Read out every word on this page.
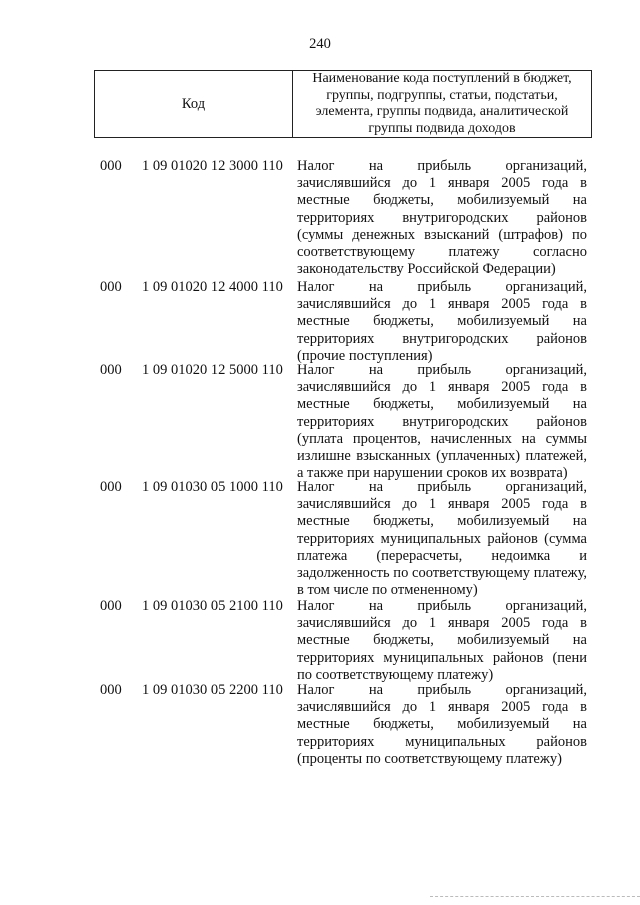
240
Код
Наименование кода поступлений в бюджет, группы, подгруппы, статьи, подстатьи, элемента, группы подвида, аналитической группы подвида доходов
000	1 09 01020 12 3000 110 Налог на прибыль организаций, зачислявшийся до 1 января 2005 года в местные бюджеты, мобилизуемый на территориях внутригородских районов (суммы денежных взысканий (штрафов) по соответствующему платежу согласно законодательству Российской Федерации)
000	1 09 01020 12 4000 110 Налог на прибыль организаций, зачислявшийся до 1 января 2005 года в местные бюджеты, мобилизуемый на территориях внутригородских районов (прочие поступления)
000	1 09 01020 12 5000 110 Налог на прибыль организаций, зачислявшийся до 1 января 2005 года в местные бюджеты, мобилизуемый на территориях внутригородских районов (уплата процентов, начисленных на суммы излишне взысканных (уплаченных) платежей, а также при нарушении сроков их возврата)
000	1 09 01030 05 1000 110 Налог на прибыль организаций, зачислявшийся до 1 января 2005 года в местные бюджеты, мобилизуемый на территориях муниципальных районов (сумма платежа (перерасчеты, недоимка и задолженность по соответствующему платежу, в том числе по отмененному)
000	1 09 01030 05 2100 110 Налог на прибыль организаций, зачислявшийся до 1 января 2005 года в местные бюджеты, мобилизуемый на территориях муниципальных районов (пени по соответствующему платежу)
000	1 09 01030 05 2200 110 Налог на прибыль организаций, зачислявшийся до 1 января 2005 года в местные бюджеты, мобилизуемый на территориях муниципальных районов (проценты по соответствующему платежу)
